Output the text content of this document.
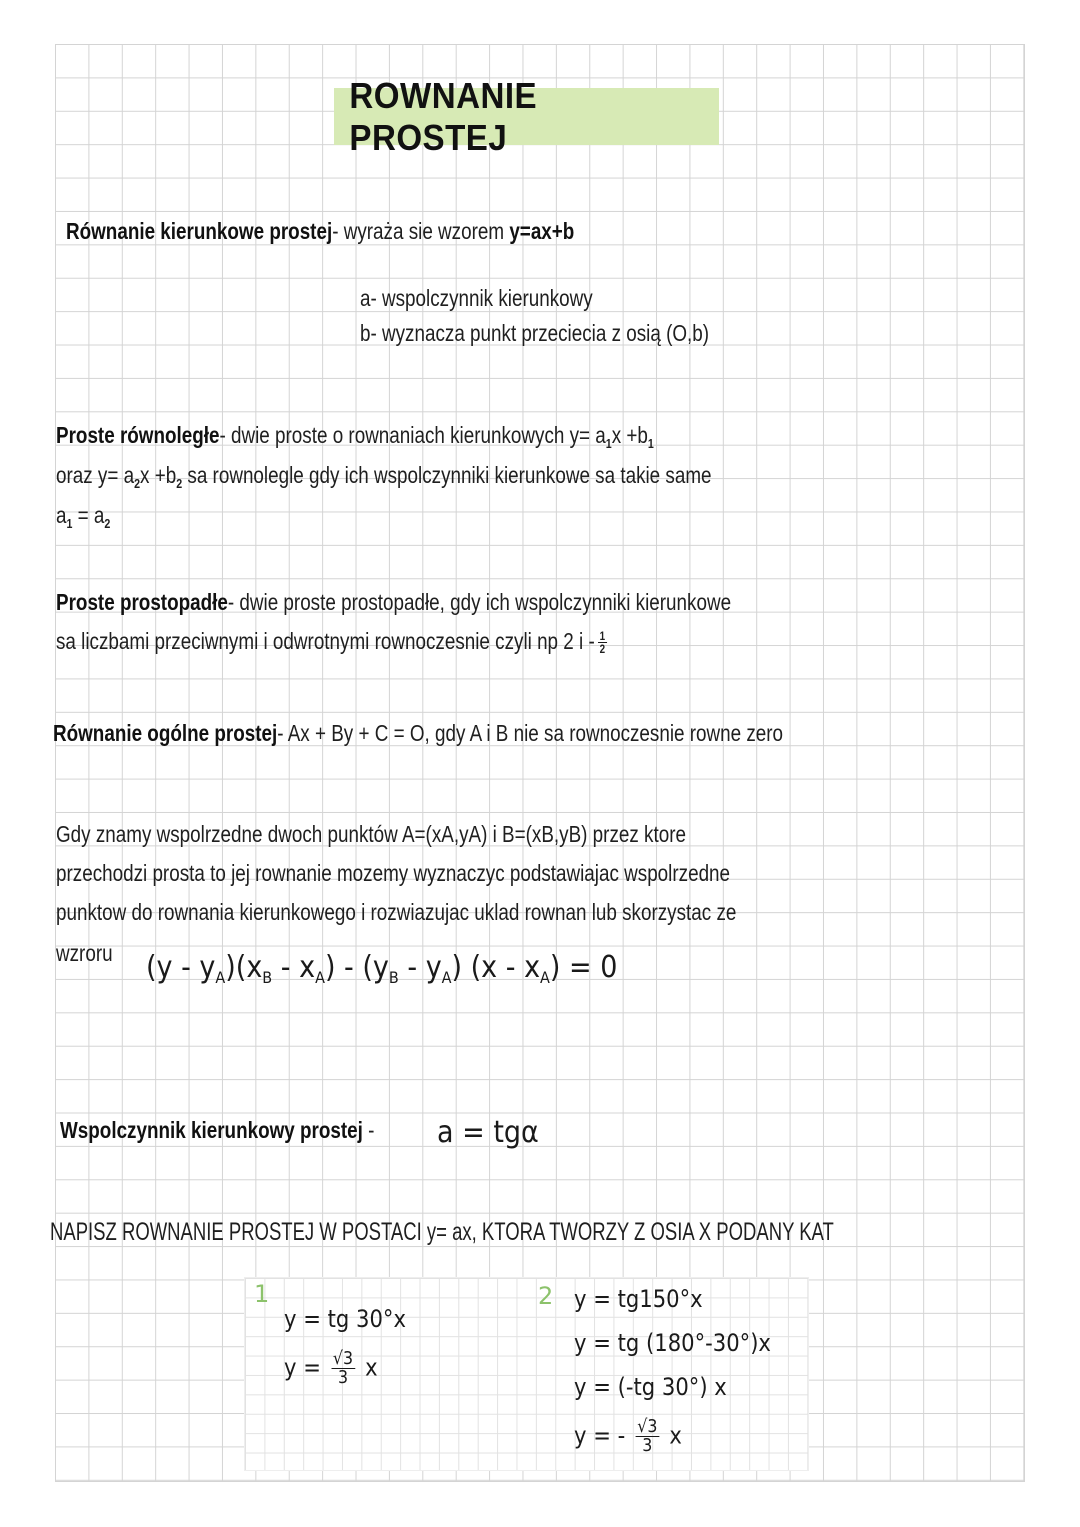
ROWNANIE PROSTEJ
Równanie kierunkowe prostej- wyraża sie wzorem y=ax+b
a- wspolczynnik kierunkowy
b- wyznacza punkt przeciecia z osią (O,b)
Proste równoległe- dwie proste o rownaniach kierunkowych $y= a_1x +b_1$
oraz $y= a_2x +b_2$ sa rownolegle gdy ich wspolczynniki kierunkowe sa takie same
$a_1 = a_2$
Proste prostopadłe- dwie proste prostopadłe, gdy ich wspolczynniki kierunkowe
sa liczbami przeciwnymi i odwrotnymi rownoczesnie czyli np 2 i - $\frac{1}{2}$
Równanie ogólne prostej- Ax + By + C = O, gdy A i B nie sa rownoczesnie rowne zero
Gdy znamy wspolrzedne dwoch punktów A=(xA,yA) i B=(xB,yB) przez ktore
przechodzi prosta to jej rownanie mozemy wyznaczyc podstawiajac wspolrzedne
punktow do rownania kierunkowego i rozwiazujac uklad rownan lub skorzystac ze
wzroru $(y - y_A)(x_B - x_A) - (y_B - y_A)$ $(x - x_A) = 0$
Wspolczynnik kierunkowy prostej - a = tgα
NAPISZ ROWNANIE PROSTEJ W POSTACI y= ax, KTORA TWORZY Z OSIA X PODANY KAT
1
y = tg 30°x
y = √ $\frac{3}{3}$ x
2 y = tg150°x
y = tg (180°-30°)x
y = (-tg 30°) x
y = - √ $\frac{3}{3}$ x
